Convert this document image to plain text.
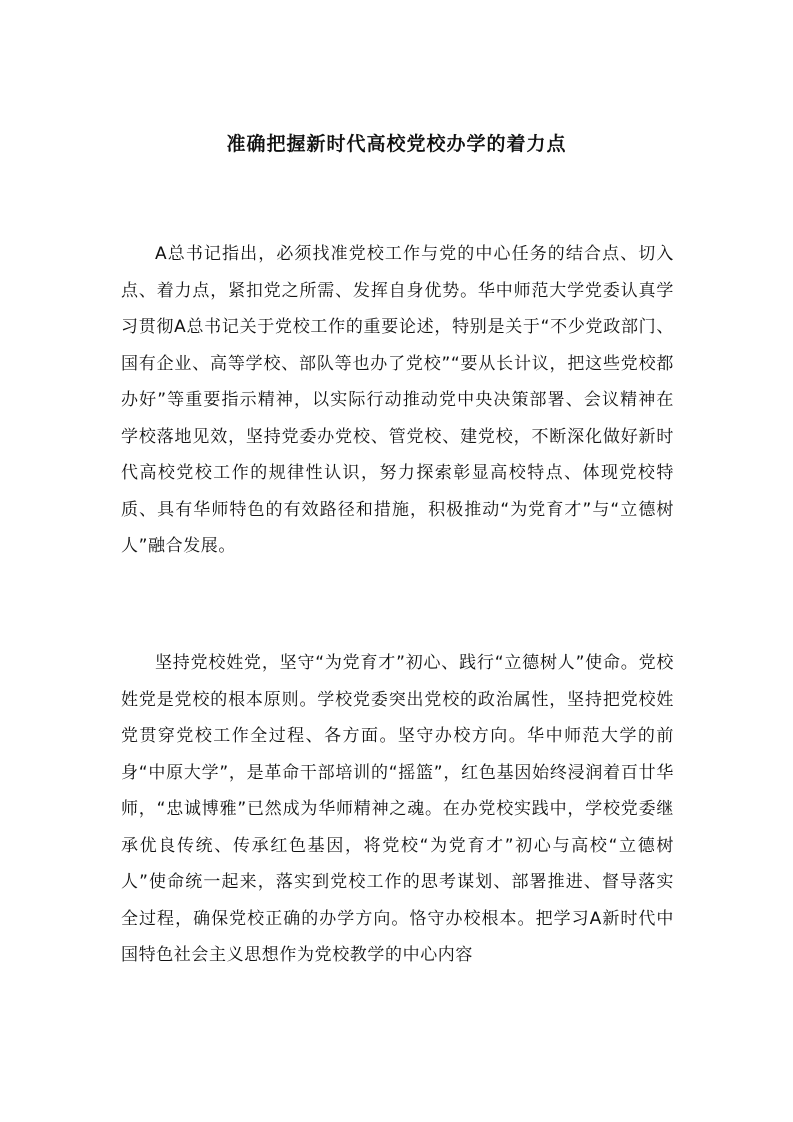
准确把握新时代高校党校办学的着力点

A总书记指出，必须找准党校工作与党的中心任务的结合点、切入点、着力点，紧扣党之所需、发挥自身优势。华中师范大学党委认真学习贯彻A总书记关于党校工作的重要论述，特别是关于“不少党政部门、国有企业、高等学校、部队等也办了党校”“要从长计议，把这些党校都办好”等重要指示精神，以实际行动推动党中央决策部署、会议精神在学校落地见效，坚持党委办党校、管党校、建党校，不断深化做好新时代高校党校工作的规律性认识，努力探索彰显高校特点、体现党校特质、具有华师特色的有效路径和措施，积极推动“为党育才”与“立德树人”融合发展。

坚持党校姓党，坚守“为党育才”初心、践行“立德树人”使命。党校姓党是党校的根本原则。学校党委突出党校的政治属性，坚持把党校姓党贯穿党校工作全过程、各方面。坚守办校方向。华中师范大学的前身“中原大学”，是革命干部培训的“摇篮”，红色基因始终浸润着百廿华师，“忠诚博雅”已然成为华师精神之魂。在办党校实践中，学校党委继承优良传统、传承红色基因，将党校“为党育才”初心与高校“立德树人”使命统一起来，落实到党校工作的思考谋划、部署推进、督导落实全过程，确保党校正确的办学方向。恪守办校根本。把学习A新时代中国特色社会主义思想作为党校教学的中心内容
